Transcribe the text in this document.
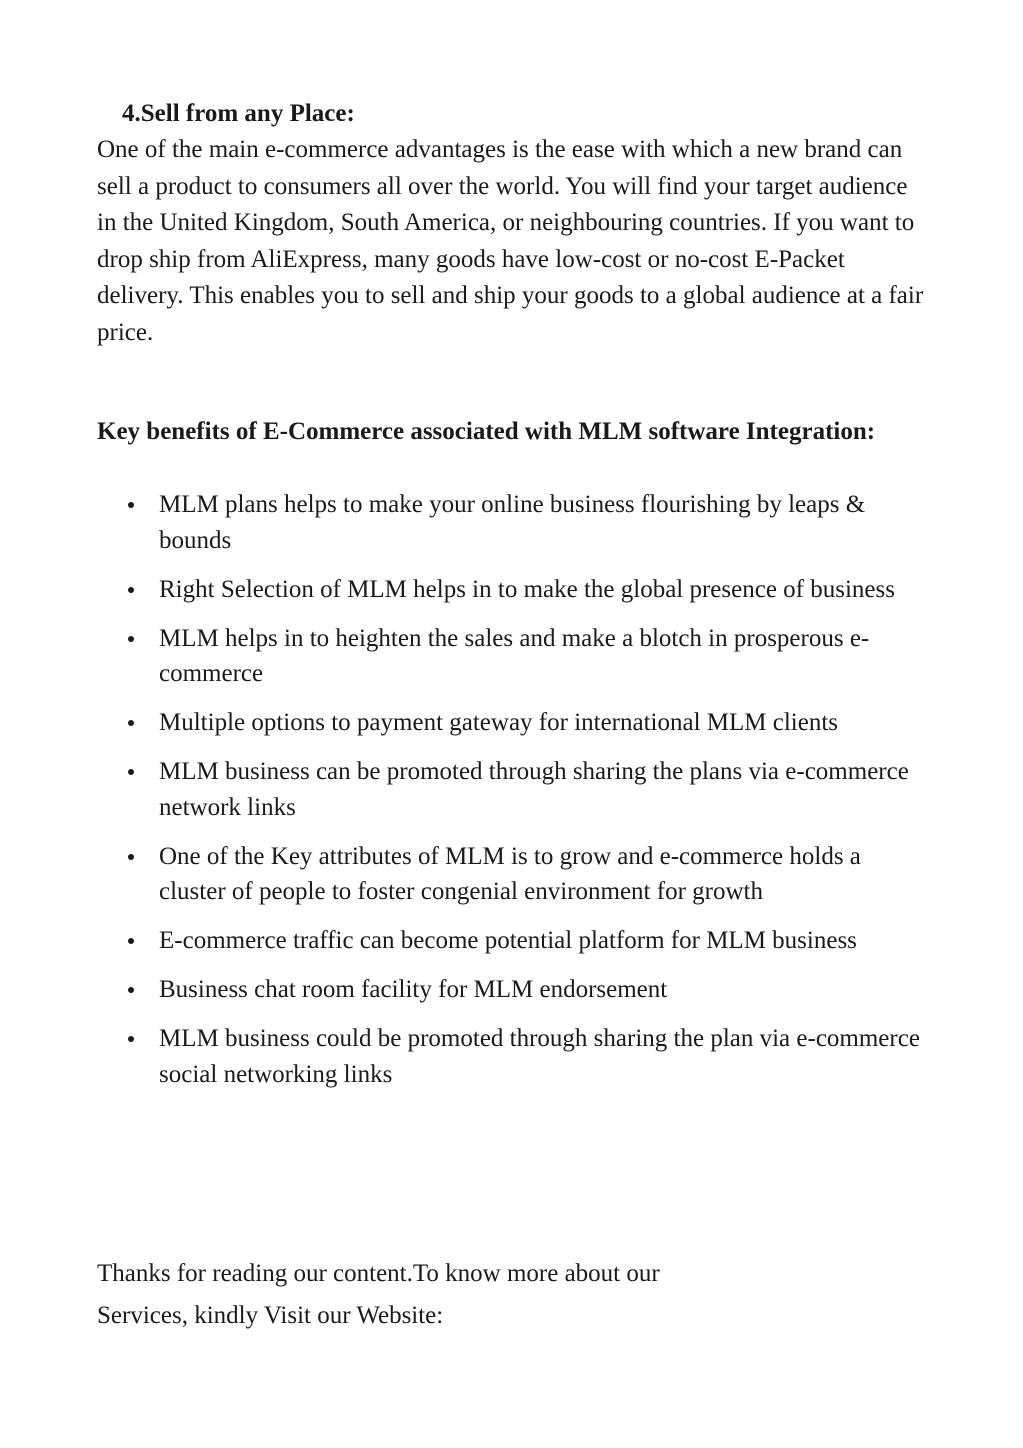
4.Sell from any Place:

One of the main e-commerce advantages is the ease with which a new brand can sell a product to consumers all over the world. You will find your target audience in the United Kingdom, South America, or neighbouring countries. If you want to drop ship from AliExpress, many goods have low-cost or no-cost E-Packet delivery. This enables you to sell and ship your goods to a global audience at a fair price.

Key benefits of E-Commerce associated with MLM software Integration:
MLM plans helps to make your online business flourishing by leaps & bounds
Right Selection of MLM helps in to make the global presence of business
MLM helps in to heighten the sales and make a blotch in prosperous e-commerce
Multiple options to payment gateway for international MLM clients
MLM business can be promoted through sharing the plans via e-commerce network links
One of the Key attributes of MLM is to grow and e-commerce holds a cluster of people to foster congenial environment for growth
E-commerce traffic can become potential platform for MLM business
Business chat room facility for MLM endorsement
MLM business could be promoted through sharing the plan via e-commerce social networking links

Thanks for reading our content.To know more about our

Services, kindly Visit our Website:
